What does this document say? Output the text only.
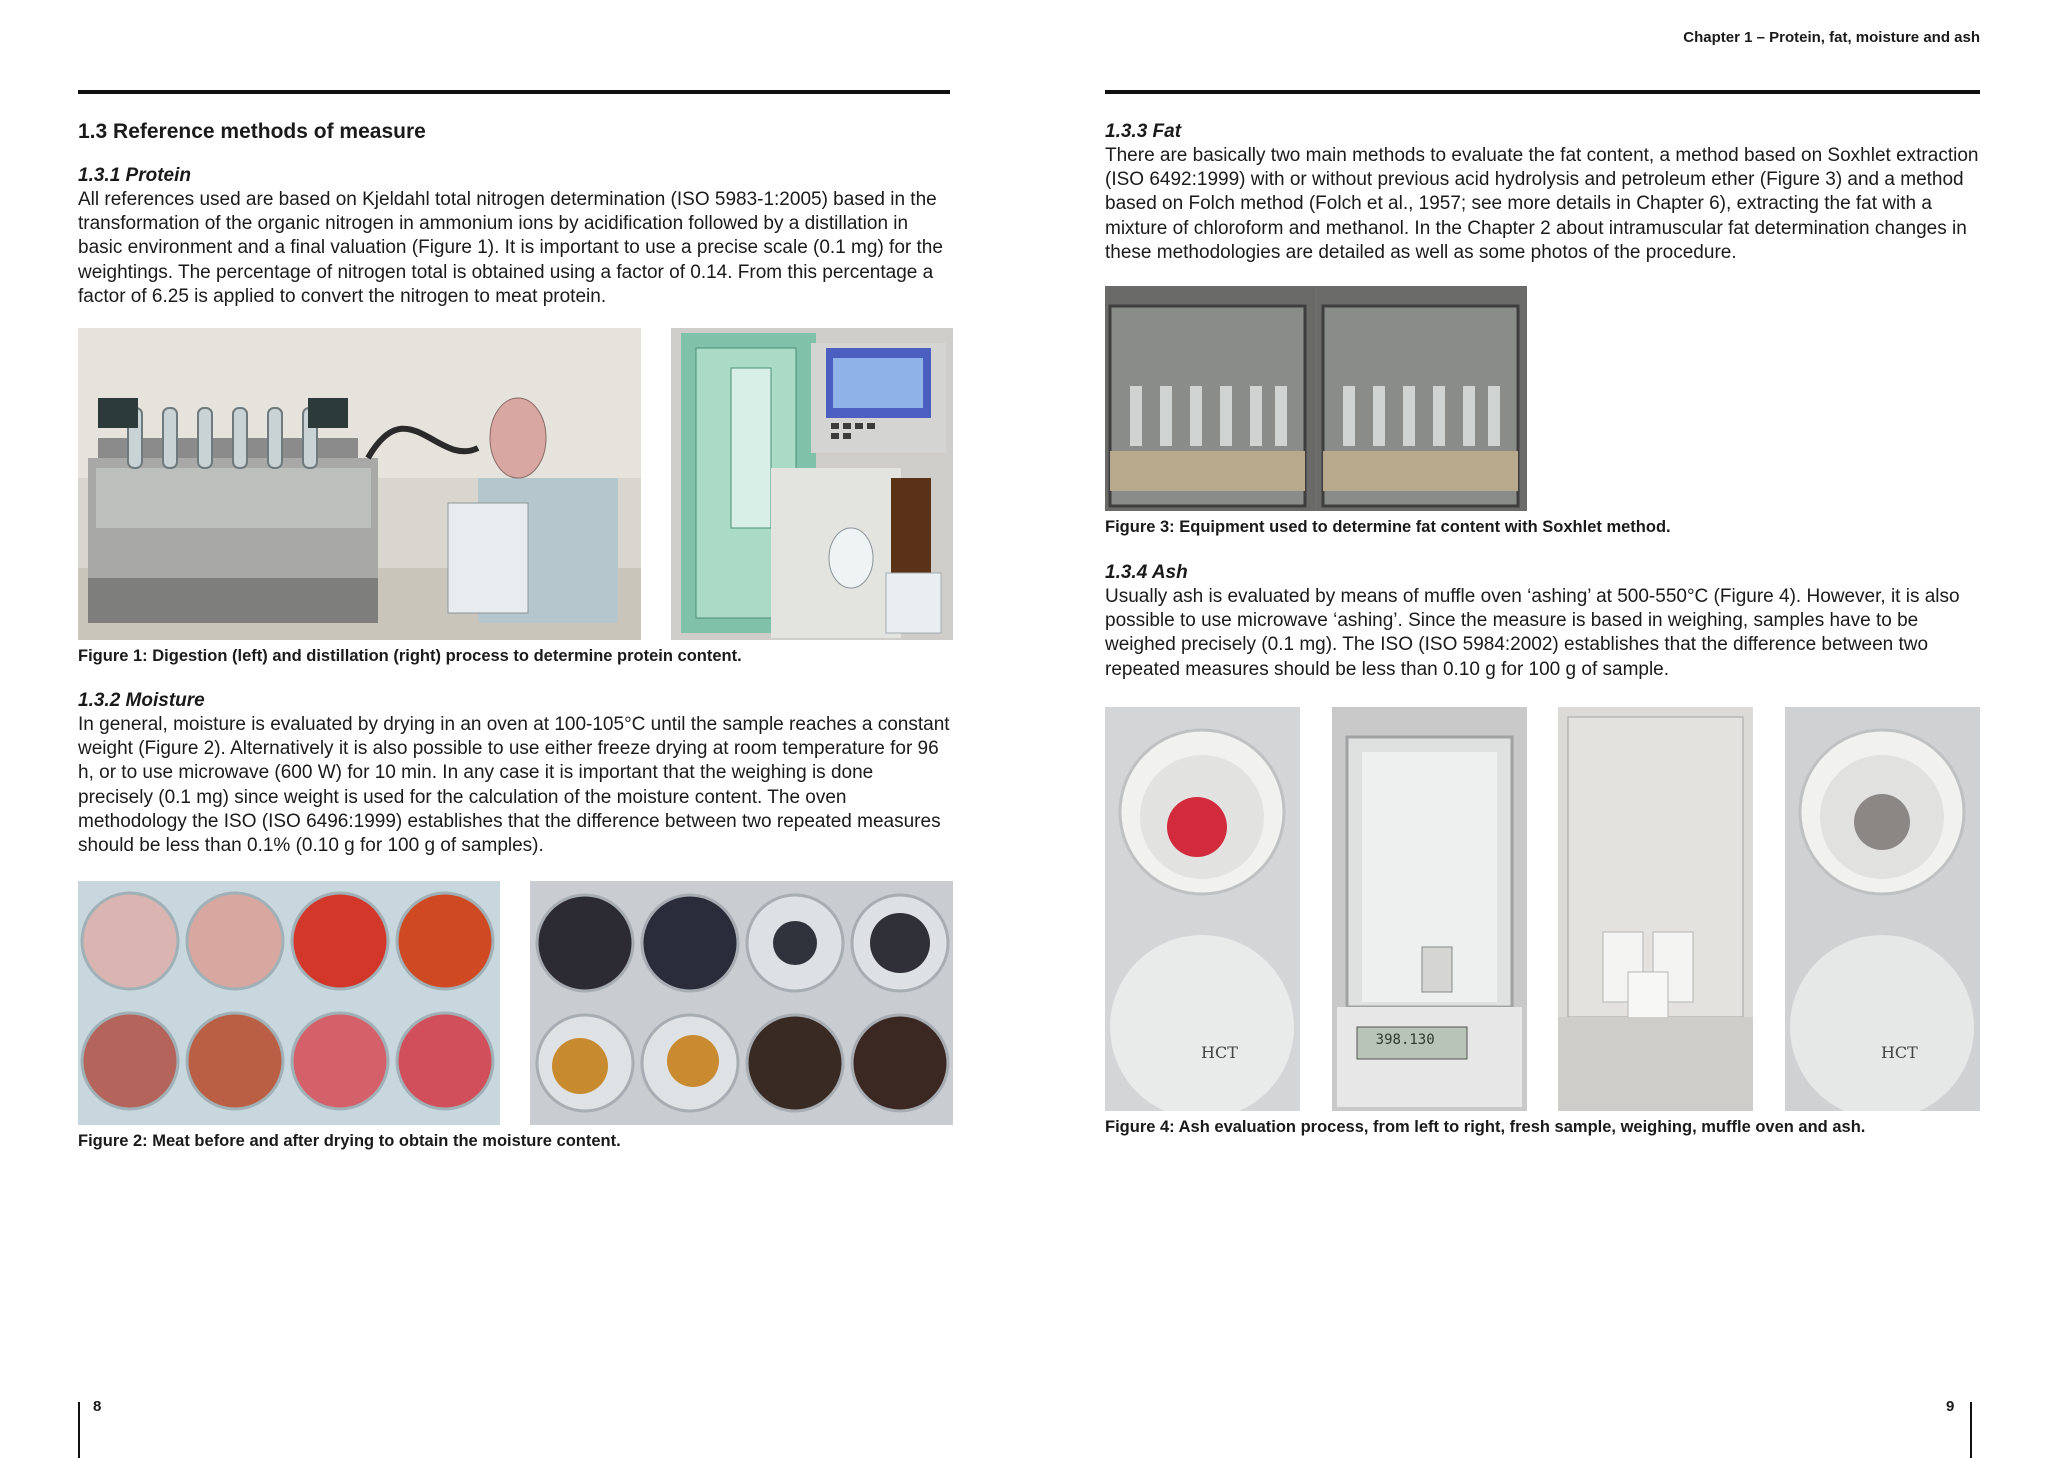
Chapter 1 – Protein, fat, moisture and ash
1.3 Reference methods of measure
1.3.1 Protein

All references used are based on Kjeldahl total nitrogen determination (ISO 5983-1:2005) based in the transformation of the organic nitrogen in ammonium ions by acidification followed by a distillation in basic environment and a final valuation (Figure 1). It is important to use a precise scale (0.1 mg) for the weightings. The percentage of nitrogen total is obtained using a factor of 0.14. From this percentage a factor of 6.25 is applied to convert the nitrogen to meat protein.

Figure 1: Digestion (left) and distillation (right) process to determine protein content.
1.3.2 Moisture

In general, moisture is evaluated by drying in an oven at 100-105°C until the sample reaches a constant weight (Figure 2). Alternatively it is also possible to use either freeze drying at room temperature for 96 h, or to use microwave (600 W) for 10 min. In any case it is important that the weighing is done precisely (0.1 mg) since weight is used for the calculation of the moisture content. The oven methodology the ISO (ISO 6496:1999) establishes that the difference between two repeated measures should be less than 0.1% (0.10 g for 100 g of samples).

Figure 2: Meat before and after drying to obtain the moisture content.
1.3.3 Fat

There are basically two main methods to evaluate the fat content, a method based on Soxhlet extraction (ISO 6492:1999) with or without previous acid hydrolysis and petroleum ether (Figure 3) and a method based on Folch method (Folch et al., 1957; see more details in Chapter 6), extracting the fat with a mixture of chloroform and methanol. In the Chapter 2 about intramuscular fat determination changes in these methodologies are detailed as well as some photos of the procedure.

Figure 3: Equipment used to determine fat content with Soxhlet method.
1.3.4 Ash

Usually ash is evaluated by means of muffle oven ‘ashing’ at 500-550°C (Figure 4). However, it is also possible to use microwave ‘ashing’. Since the measure is based in weighing, samples have to be weighed precisely (0.1 mg). The ISO (ISO 5984:2002) establishes that the difference between two repeated measures should be less than 0.10 g for 100 g of sample.

HCT
398.130
HCT
Figure 4: Ash evaluation process, from left to right, fresh sample, weighing, muffle oven and ash.
8	9
